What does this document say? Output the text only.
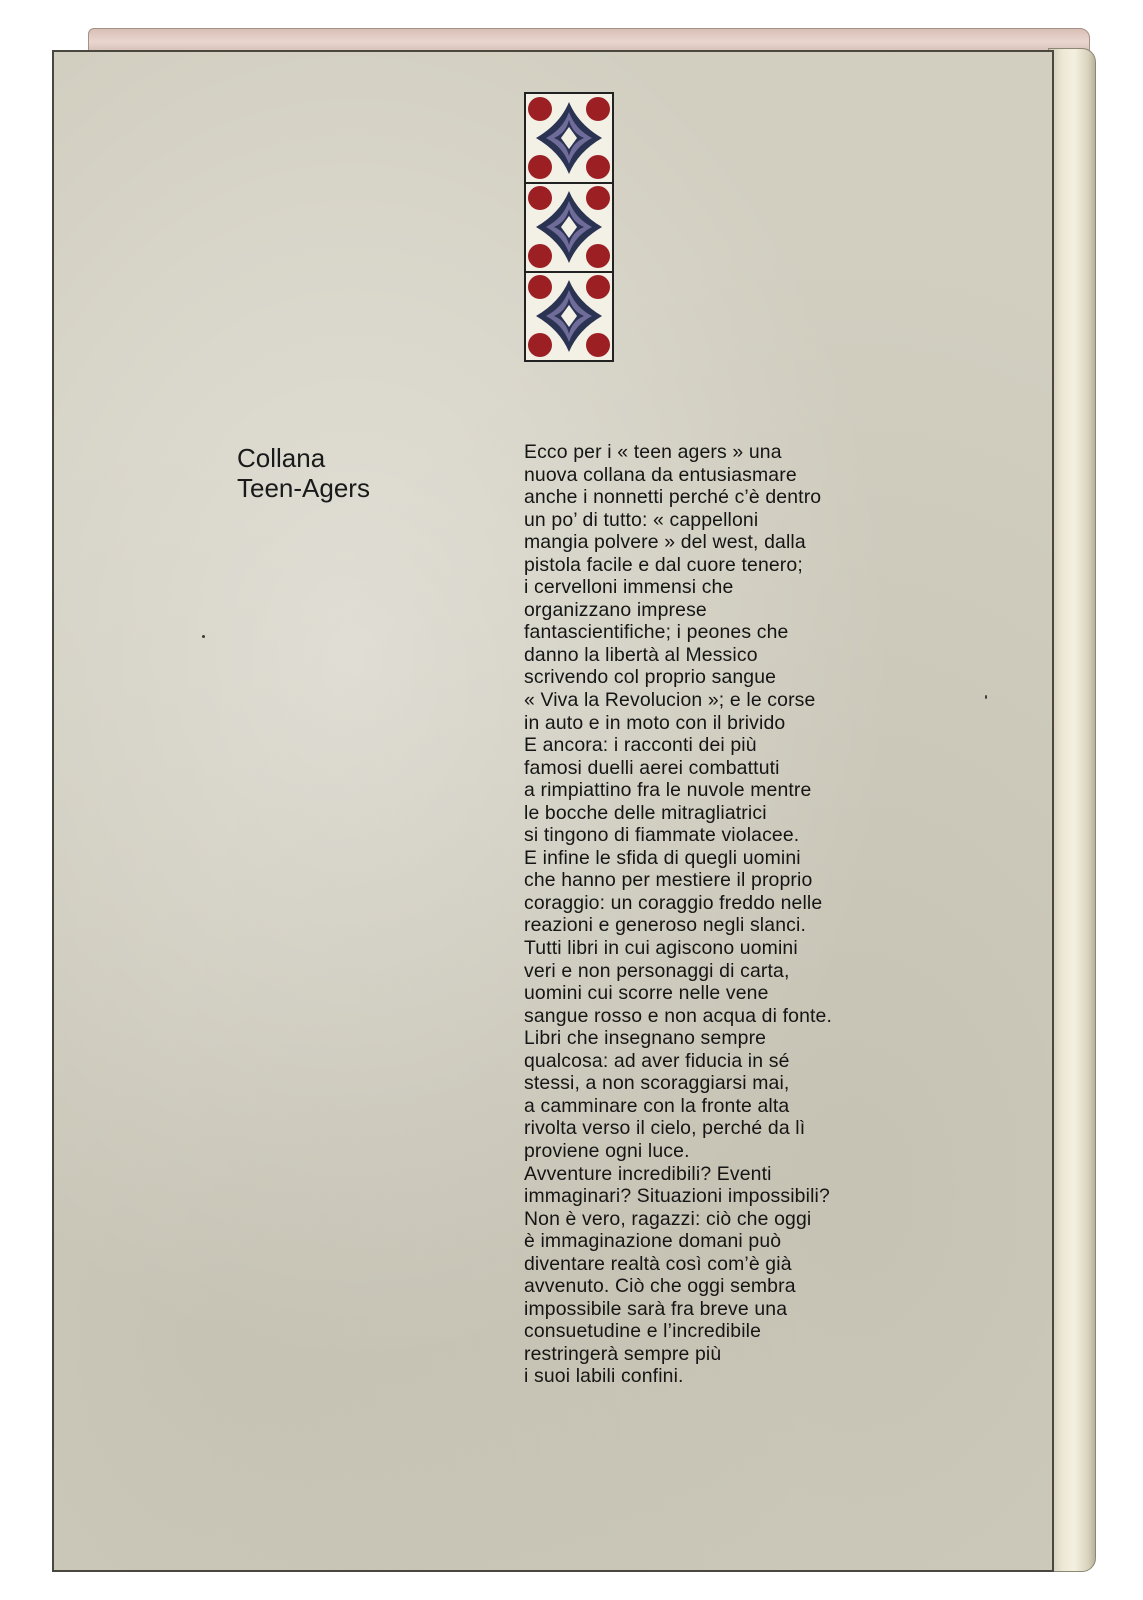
Collana
Teen-Agers
Ecco per i « teen agers » una
nuova collana da entusiasmare
anche i nonnetti perché c’è dentro
un po’ di tutto: « cappelloni
mangia polvere » del west, dalla
pistola facile e dal cuore tenero;
i cervelloni immensi che
organizzano imprese
fantascientifiche; i peones che
danno la libertà al Messico
scrivendo col proprio sangue
« Viva la Revolucion »; e le corse
in auto e in moto con il brivido
E ancora: i racconti dei più
famosi duelli aerei combattuti
a rimpiattino fra le nuvole mentre
le bocche delle mitragliatrici
si tingono di fiammate violacee.
E infine le sfida di quegli uomini
che hanno per mestiere il proprio
coraggio: un coraggio freddo nelle
reazioni e generoso negli slanci.
Tutti libri in cui agiscono uomini
veri e non personaggi di carta,
uomini cui scorre nelle vene
sangue rosso e non acqua di fonte.
Libri che insegnano sempre
qualcosa: ad aver fiducia in sé
stessi, a non scoraggiarsi mai,
a camminare con la fronte alta
rivolta verso il cielo, perché da lì
proviene ogni luce.
Avventure incredibili? Eventi
immaginari? Situazioni impossibili?
Non è vero, ragazzi: ciò che oggi
è immaginazione domani può
diventare realtà così com’è già
avvenuto. Ciò che oggi sembra
impossibile sarà fra breve una
consuetudine e l’incredibile
restringerà sempre più
i suoi labili confini.
